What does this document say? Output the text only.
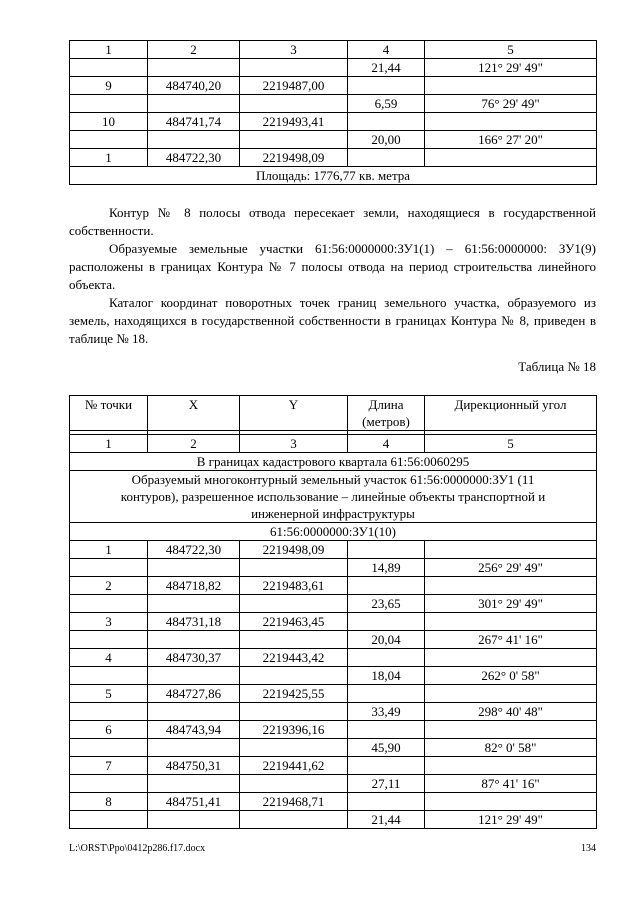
1	2	3	4	5
			21,44	121° 29' 49"
9	484740,20	2219487,00		
			6,59	76° 29' 49"
10	484741,74	2219493,41		
			20,00	166° 27' 20"
1	484722,30	2219498,09		
Площадь: 1776,77 кв. метра				

Контур № 8 полосы отвода пересекает земли, находящиеся в государственной собственности.

Образуемые земельные участки 61:56:0000000:ЗУ1(1) – 61:56:0000000: ЗУ1(9) расположены в границах Контура № 7 полосы отвода на период строительства линейного объекта.

Каталог координат поворотных точек границ земельного участка, образуемого из земель, находящихся в государственной собственности в границах Контура № 8, приведен в таблице № 18.

Таблица № 18

№ точки	X	Y	Длина (метров)	Дирекционный угол

1	2	3	4	5
В границах кадастрового квартала 61:56:0060295				
Образуемый многоконтурный земельный участок 61:56:0000000:ЗУ1 (11 контуров), разрешенное использование – линейные объекты транспортной и инженерной инфраструктуры				
61:56:0000000:ЗУ1(10)				
1	484722,30	2219498,09		
			14,89	256° 29' 49"
2	484718,82	2219483,61		
			23,65	301° 29' 49"
3	484731,18	2219463,45		
			20,04	267° 41' 16"
4	484730,37	2219443,42		
			18,04	262° 0' 58"
5	484727,86	2219425,55		
			33,49	298° 40' 48"
6	484743,94	2219396,16		
			45,90	82° 0' 58"
7	484750,31	2219441,62		
			27,11	87° 41' 16"
8	484751,41	2219468,71		
			21,44	121° 29' 49"

L:\ORST\Ppo\0412p286.f17.docx	134
